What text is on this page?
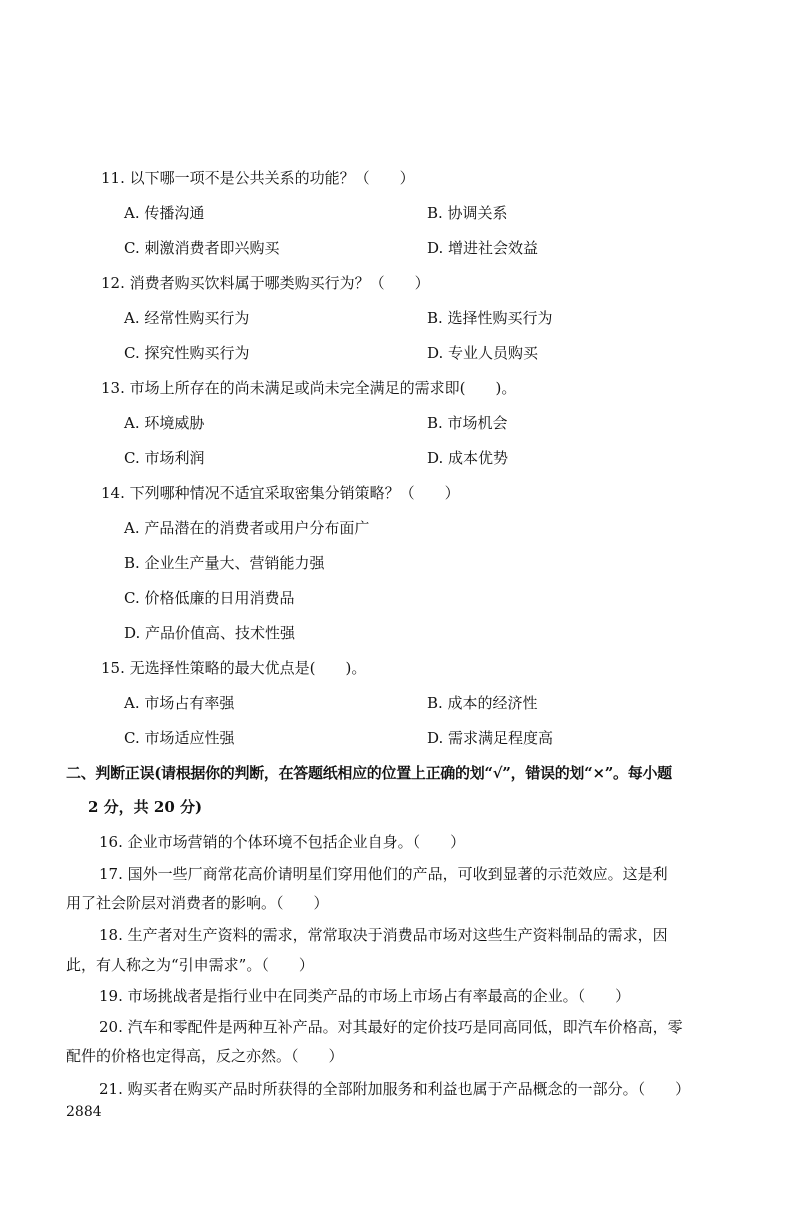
11. 以下哪一项不是公共关系的功能？（　　）
A. 传播沟通	B. 协调关系
C. 刺激消费者即兴购买	D. 增进社会效益
12. 消费者购买饮料属于哪类购买行为？（　　）
A. 经常性购买行为	B. 选择性购买行为
C. 探究性购买行为	D. 专业人员购买
13. 市场上所存在的尚未满足或尚未完全满足的需求即(　　)。
A. 环境威胁	B. 市场机会
C. 市场利润	D. 成本优势
14. 下列哪种情况不适宜采取密集分销策略？（　　）
A. 产品潜在的消费者或用户分布面广
B. 企业生产量大、营销能力强
C. 价格低廉的日用消费品
D. 产品价值高、技术性强
15. 无选择性策略的最大优点是(　　)。
A. 市场占有率强	B. 成本的经济性
C. 市场适应性强	D. 需求满足程度高
二、判断正误(请根据你的判断，在答题纸相应的位置上正确的划“√”，错误的划“×”。每小题
2 分，共 20 分)
16. 企业市场营销的个体环境不包括企业自身。（　　）
17. 国外一些厂商常花高价请明星们穿用他们的产品，可收到显著的示范效应。这是利
用了社会阶层对消费者的影响。（　　）
18. 生产者对生产资料的需求，常常取决于消费品市场对这些生产资料制品的需求，因
此，有人称之为“引申需求”。（　　）
19. 市场挑战者是指行业中在同类产品的市场上市场占有率最高的企业。（　　）
20. 汽车和零配件是两种互补产品。对其最好的定价技巧是同高同低，即汽车价格高，零
配件的价格也定得高，反之亦然。（　　）
21. 购买者在购买产品时所获得的全部附加服务和利益也属于产品概念的一部分。（　　）
2884
